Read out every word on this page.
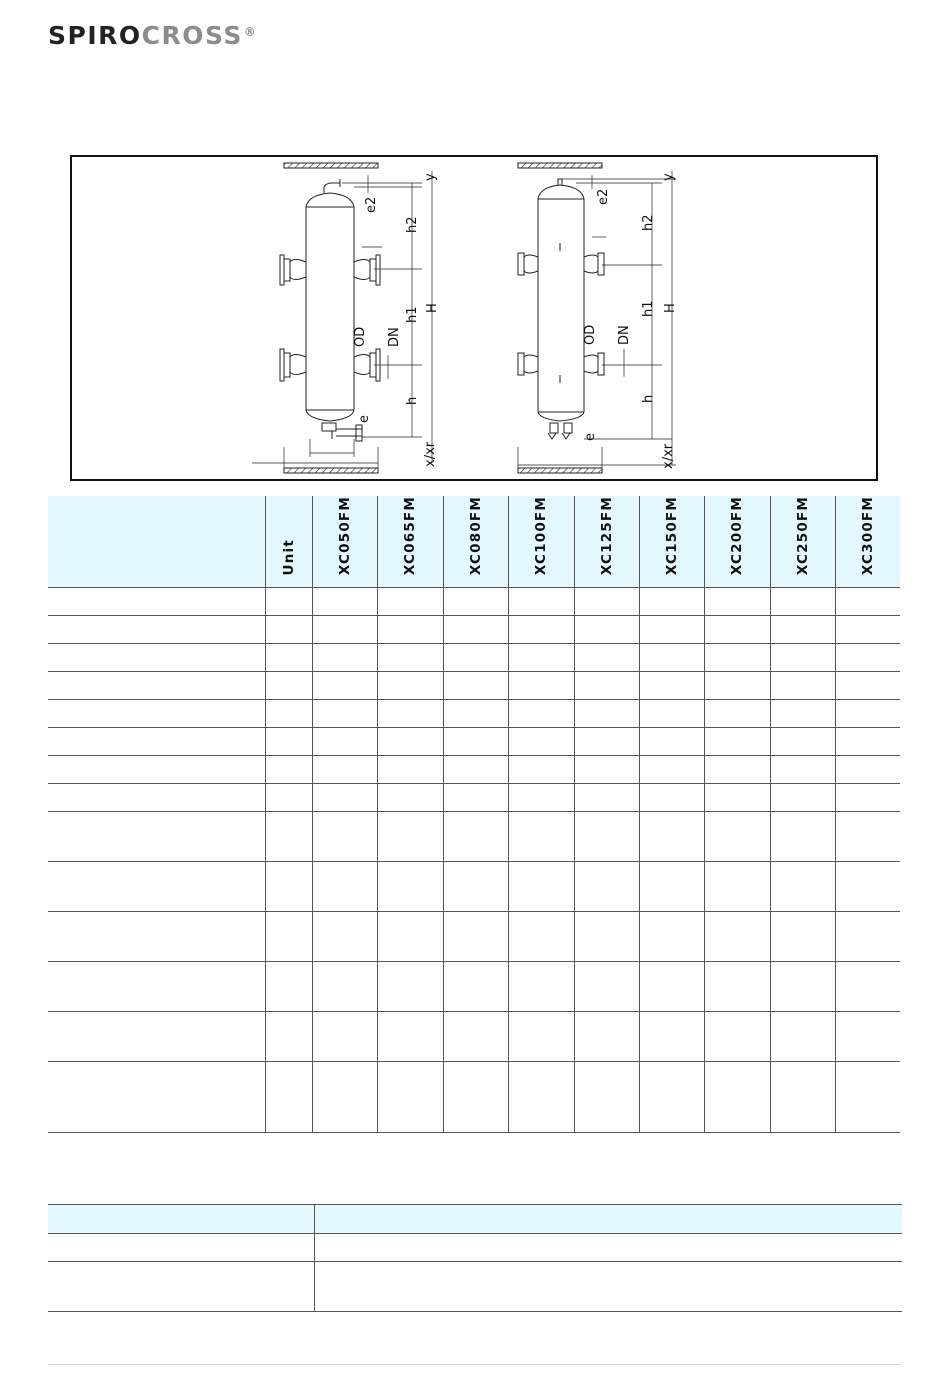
SPIROCROSS®
y
e2
h2
h1 H
OD DN
h
e
x/xr
y
e2
h2
h1 H
OD DN
h
e
x/xr
	Unit	XC050FM	XC065FM	XC080FM	XC100FM	XC125FM	XC150FM	XC200FM	XC250FM	XC300FM
